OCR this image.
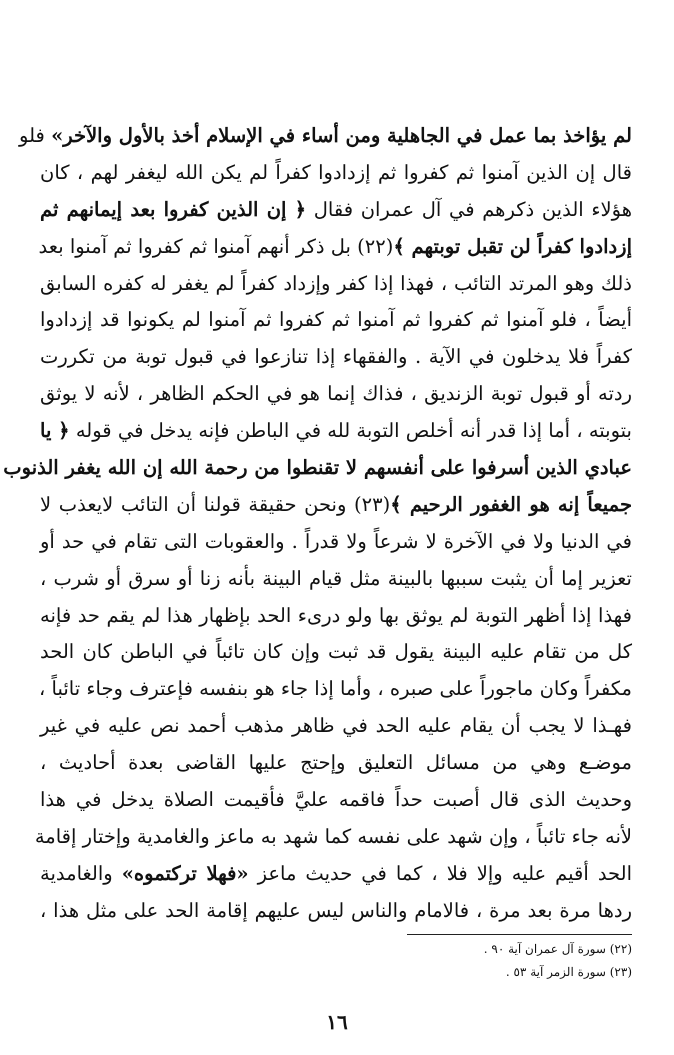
لم يؤاخذ بما عمل في الجاهلية ومن أساء في الإسلام أخذ بالأول والآخر» فلو
قال إن الذين آمنوا ثم كفروا ثم إزدادوا كفراً لم يكن الله ليغفر لهم ، كان
هؤلاء الذين ذكرهم في آل عمران فقال ﴿ إن الذين كفروا بعد إيمانهم ثم
إزدادوا كفراً لن تقبل توبتهم ﴾(٢٢) بل ذكر أنهم آمنوا ثم كفروا ثم آمنوا بعد
ذلك وهو المرتد التائب ، فهذا إذا كفر وإزداد كفراً لم يغفر له كفره السابق
أيضاً ، فلو آمنوا ثم كفروا ثم آمنوا ثم كفروا ثم آمنوا لم يكونوا قد إزدادوا
كفراً فلا يدخلون في الآية . والفقهاء إذا تنازعوا في قبول توبة من تكررت
ردته أو قبول توبة الزنديق ، فذاك إنما هو في الحكم الظاهر ، لأنه لا يوثق
بتوبته ، أما إذا قدر أنه أخلص التوبة لله في الباطن فإنه يدخل في قوله ﴿ يا
عبادي الذين أسرفوا على أنفسهم لا تقنطوا من رحمة الله إن الله يغفر الذنوب
جميعاً إنه هو الغفور الرحيم ﴾(٢٣) ونحن حقيقة قولنا أن التائب لايعذب لا
في الدنيا ولا في الآخرة لا شرعاً ولا قدراً . والعقوبات التى تقام في حد أو
تعزير إما أن يثبت سببها بالبينة مثل قيام البينة بأنه زنا أو سرق أو شرب ،
فهذا إذا أظهر التوبة لم يوثق بها ولو درىء الحد بإظهار هذا لم يقم حد فإنه
كل من تقام عليه البينة يقول قد ثبت وإن كان تائباً في الباطن كان الحد
مكفراً وكان ماجوراً على صبره ، وأما إذا جاء هو بنفسه فإعترف وجاء تائباً ،
فهـذا لا يجب أن يقام عليه الحد في ظاهر مذهب أحمد نص عليه في غير
موضـع وهي من مسائل التعليق وإحتج عليها القاضى بعدة أحاديث ،
وحديث الذى قال أصبت حداً فاقمه عليَّ فأقيمت الصلاة يدخل في هذا
لأنه جاء تائباً ، وإن شهد على نفسه كما شهد به ماعز والغامدية وإختار إقامة
الحد أقيم عليه وإلا فلا ، كما في حديث ماعز «فهلا تركتموه» والغامدية
ردها مرة بعد مرة ، فالامام والناس ليس عليهم إقامة الحد على مثل هذا ،
(٢٢) سورة آل عمران آية ٩٠ .
(٢٣) سورة الزمر آية ٥٣ .
١٦
